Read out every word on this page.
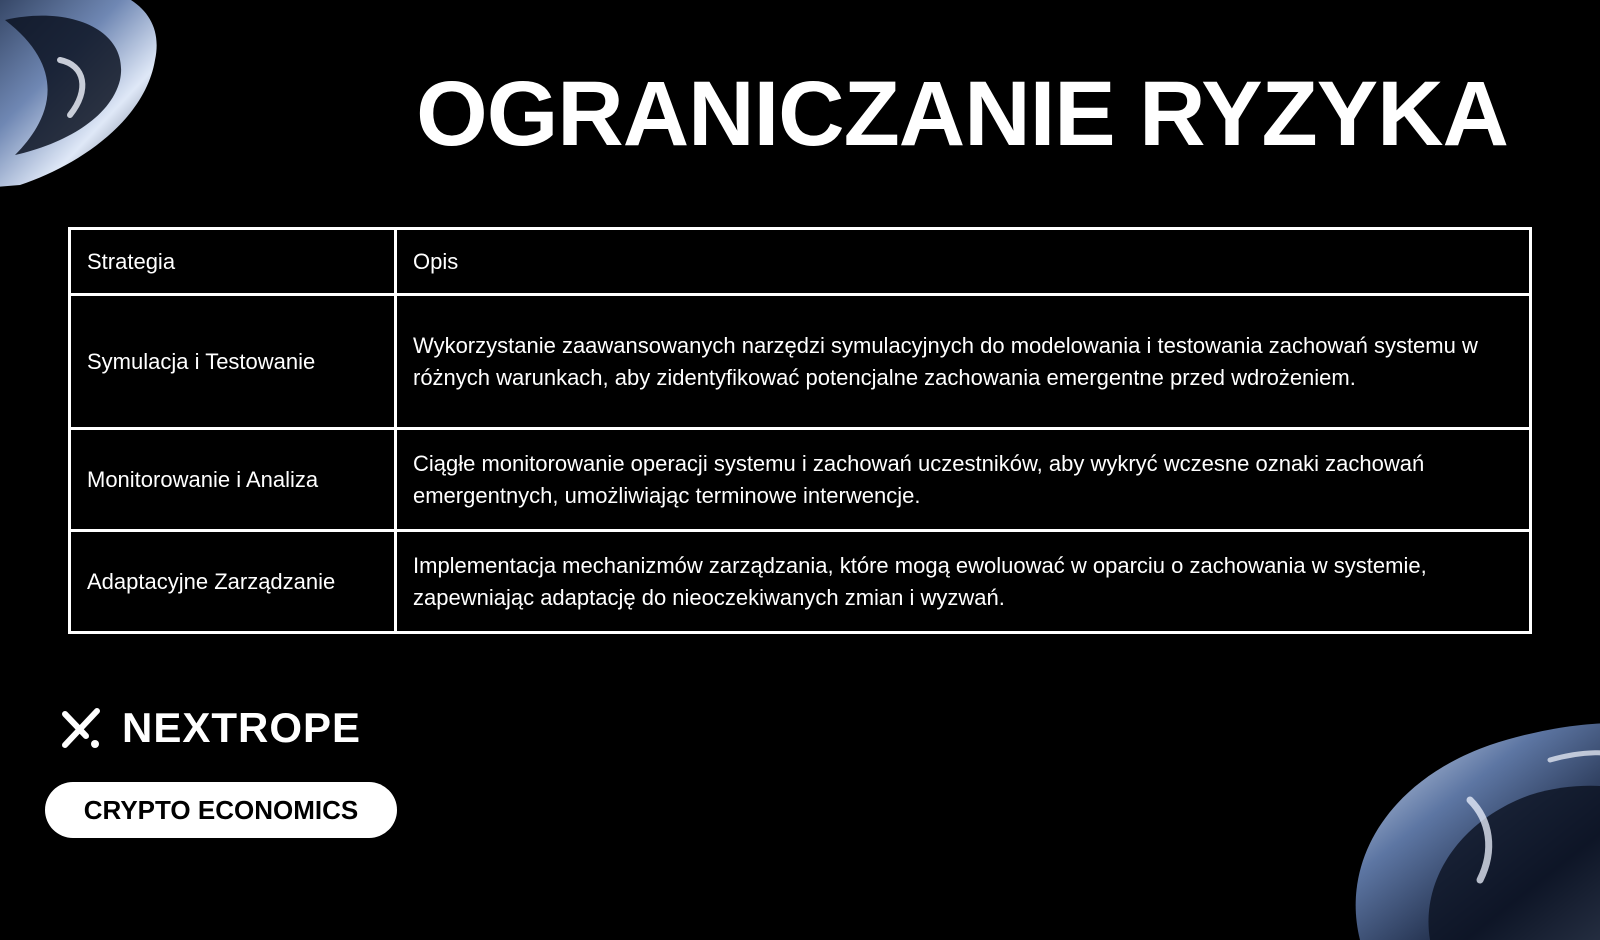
OGRANICZANIE RYZYKA
Strategia	Opis
Symulacja i Testowanie	Wykorzystanie zaawansowanych narzędzi symulacyjnych do modelowania i testowania zachowań systemu w różnych warunkach, aby zidentyfikować potencjalne zachowania emergentne przed wdrożeniem.
Monitorowanie i Analiza	Ciągłe monitorowanie operacji systemu i zachowań uczestników, aby wykryć wczesne oznaki zachowań emergentnych, umożliwiając terminowe interwencje.
Adaptacyjne Zarządzanie	Implementacja mechanizmów zarządzania, które mogą ewoluować w oparciu o zachowania w systemie, zapewniając adaptację do nieoczekiwanych zmian i wyzwań.
NEXTROPE
CRYPTO ECONOMICS
